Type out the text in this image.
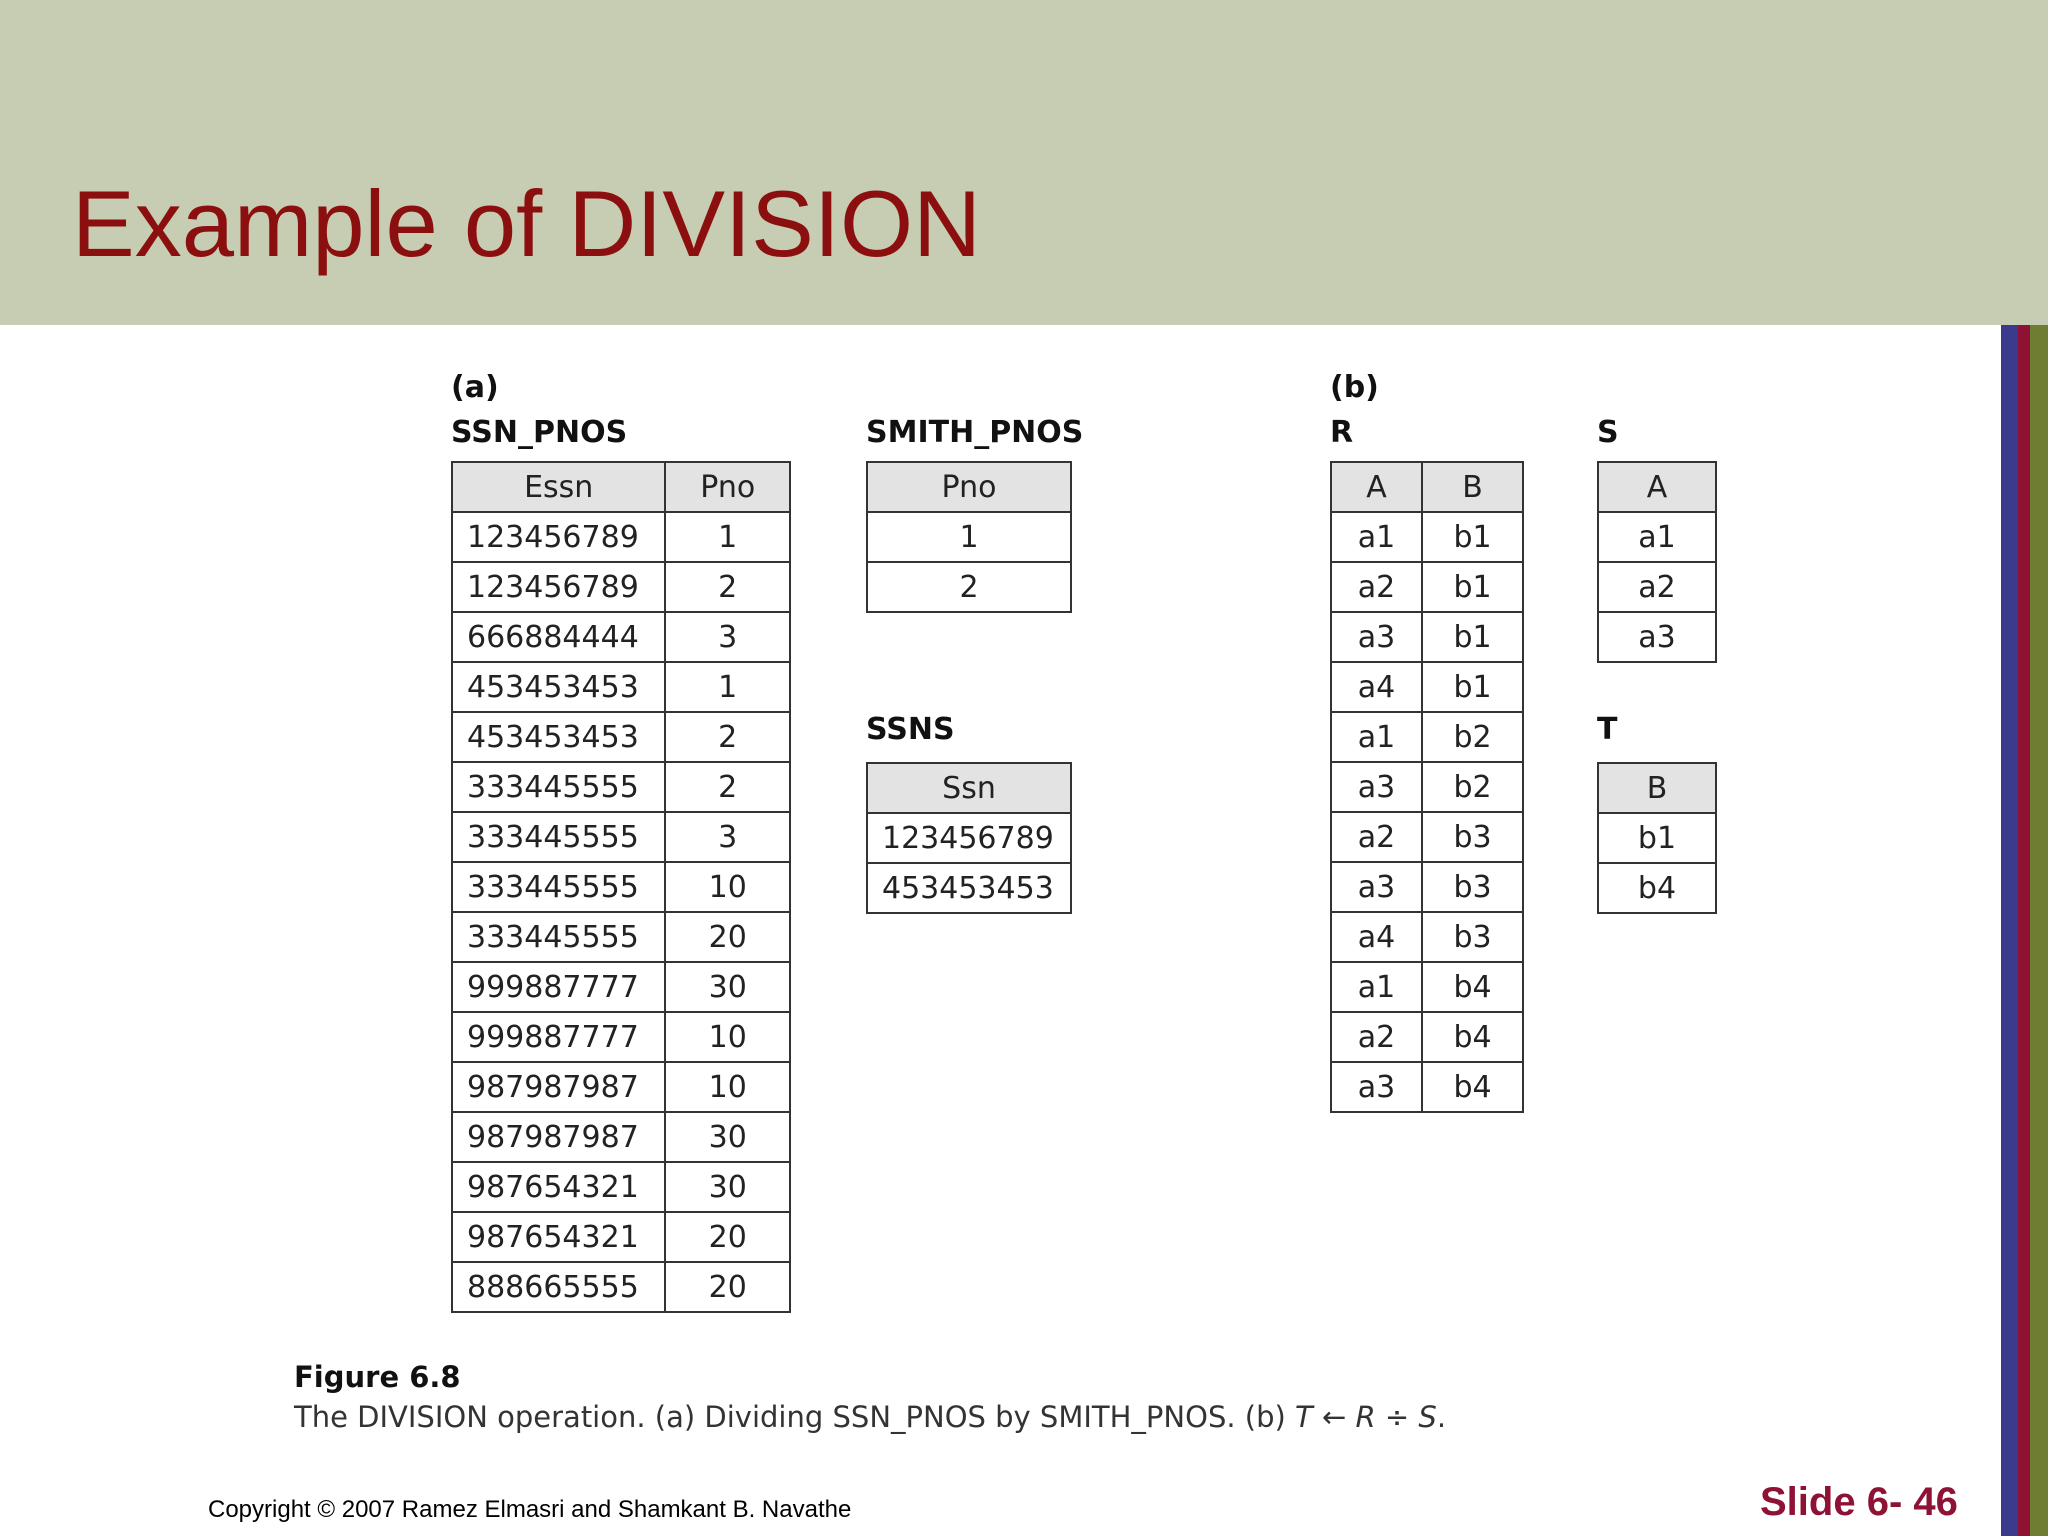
Example of DIVISION
(a)
SSN_PNOS
Essn	Pno
123456789	1
123456789	2
666884444	3
453453453	1
453453453	2
333445555	2
333445555	3
333445555	10
333445555	20
999887777	30
999887777	10
987987987	10
987987987	30
987654321	30
987654321	20
888665555	20
SMITH_PNOS
Pno
1
2
SSNS
Ssn
123456789
453453453
(b)
R
A	B
a1	b1
a2	b1
a3	b1
a4	b1
a1	b2
a3	b2
a2	b3
a3	b3
a4	b3
a1	b4
a2	b4
a3	b4
S
A
a1
a2
a3
T
B
b1
b4
Figure 6.8
The DIVISION operation. (a) Dividing SSN_PNOS by SMITH_PNOS. (b) T ← R ÷ S.
Copyright © 2007 Ramez Elmasri and Shamkant B. Navathe	Slide 6- 46
